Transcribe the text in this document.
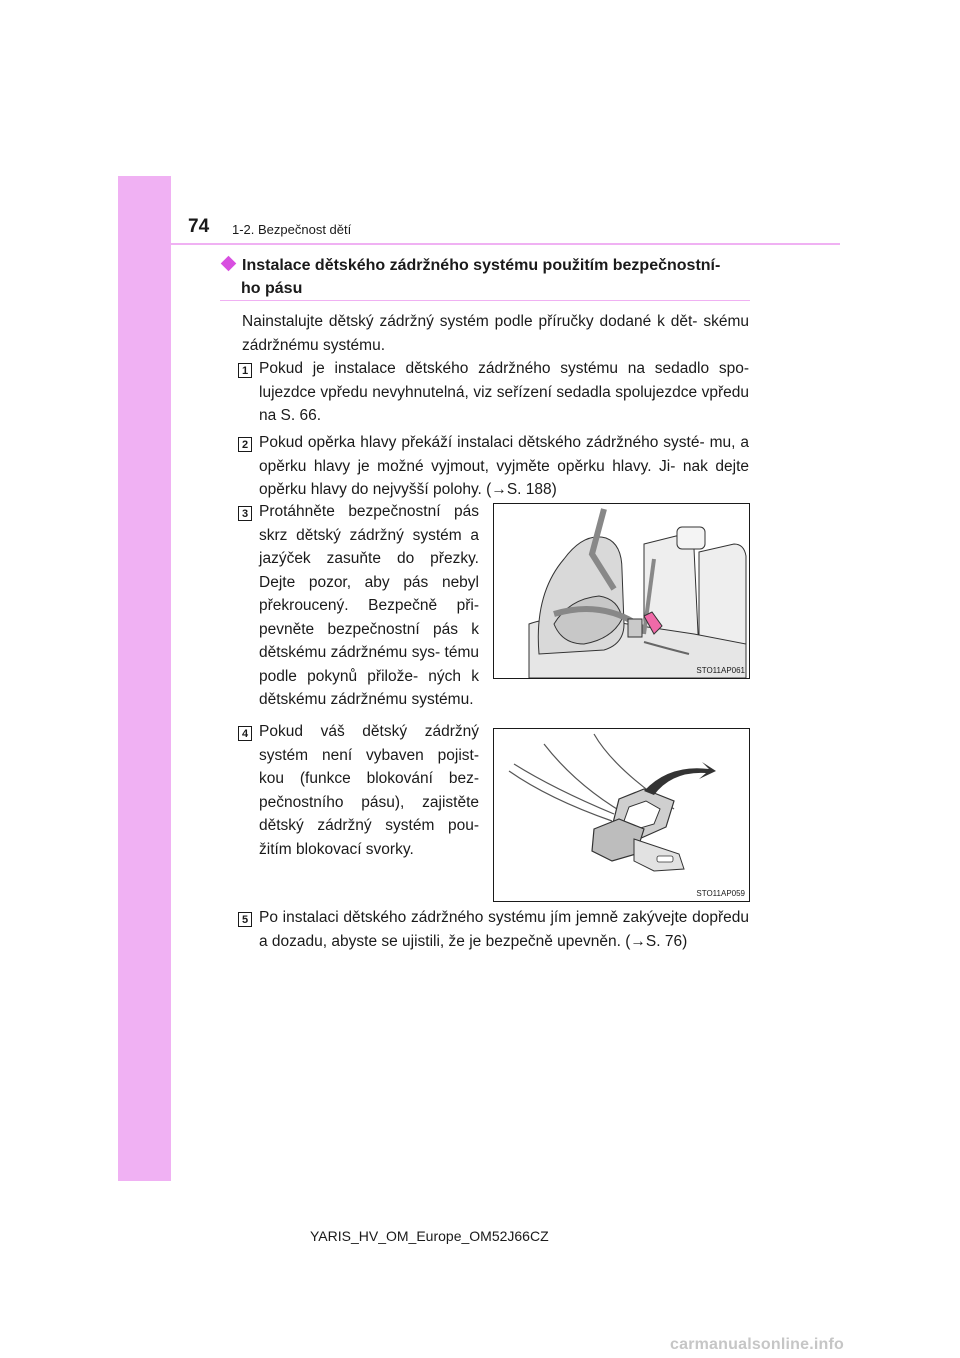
74 1-2. Bezpečnost dětí
Instalace dětského zádržného systému použitím bezpečnostní-
ho pásu
Nainstalujte dětský zádržný systém podle příručky dodané k dět- skému zádržnému systému.
1 Pokud je instalace dětského zádržného systému na sedadlo spo- lujezdce vpředu nevyhnutelná, viz seřízení sedadla spolujezdce vpředu na S. 66.
2 Pokud opěrka hlavy překáží instalaci dětského zádržného systé- mu, a opěrku hlavy je možné vyjmout, vyjměte opěrku hlavy. Ji- nak dejte opěrku hlavy do nejvyšší polohy. (→S. 188)
3 Protáhněte bezpečnostní pás skrz dětský zádržný systém a jazýček zasuňte do přezky. Dejte pozor, aby pás nebyl překroucený. Bezpečně při- pevněte bezpečnostní pás k dětskému zádržnému sys- tému podle pokynů přilože- ných k dětskému zádržnému systému.
STO11AP061
4 Pokud váš dětský zádržný systém není vybaven pojist- kou (funkce blokování bez- pečnostního pásu), zajistěte dětský zádržný systém pou- žitím blokovací svorky.
STO11AP059
5 Po instalaci dětského zádržného systému jím jemně zakývejte dopředu a dozadu, abyste se ujistili, že je bezpečně upevněn. (→S. 76)
YARIS_HV_OM_Europe_OM52J66CZ
carmanualsonline.info
